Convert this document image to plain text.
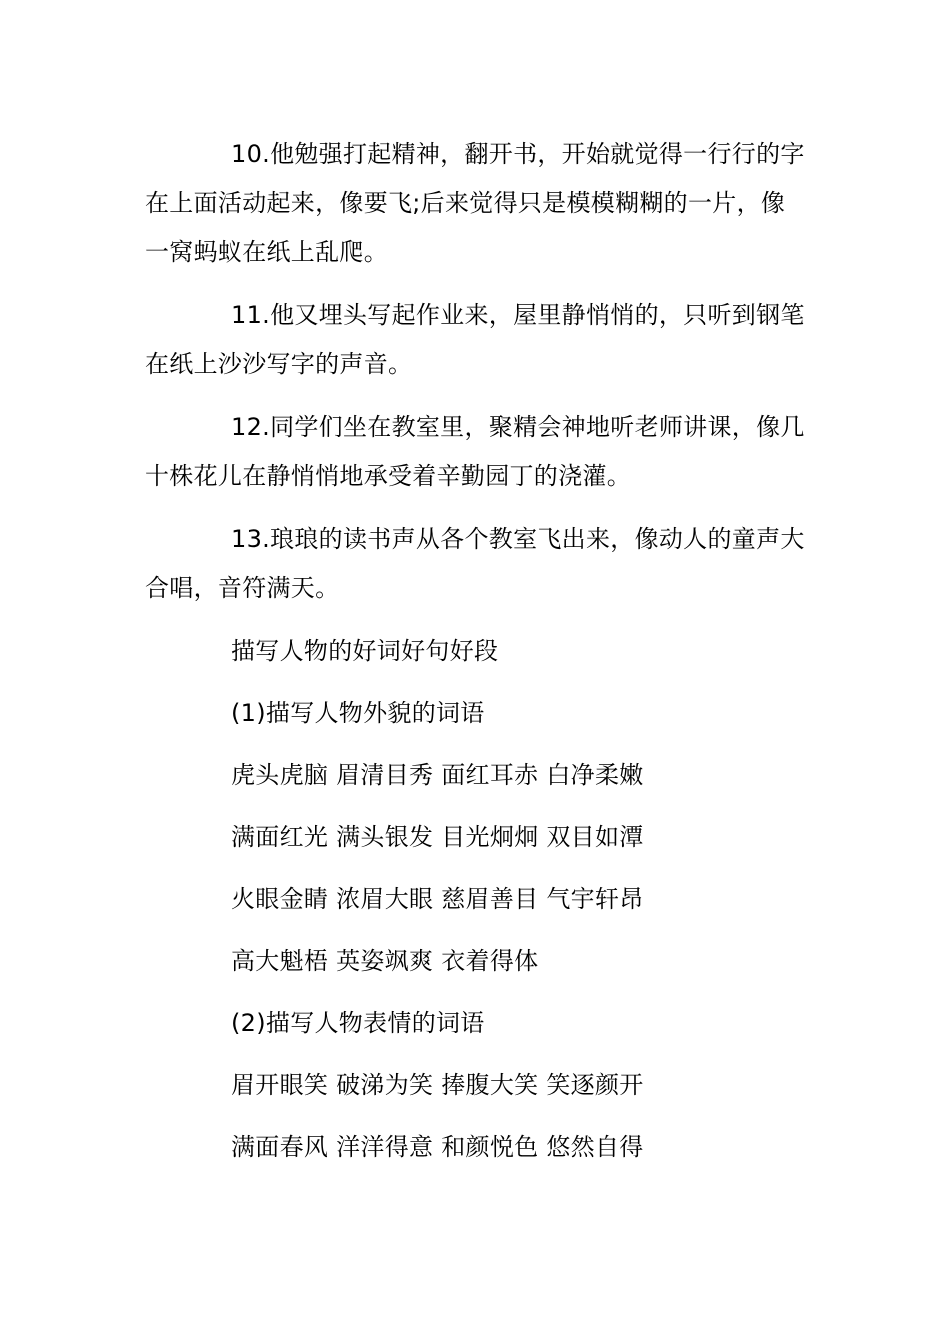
10.他勉强打起精神，翻开书，开始就觉得一行行的字在上面活动起来，像要飞;后来觉得只是模模糊糊的一片，像一窝蚂蚁在纸上乱爬。

11.他又埋头写起作业来，屋里静悄悄的，只听到钢笔在纸上沙沙写字的声音。

12.同学们坐在教室里，聚精会神地听老师讲课，像几十株花儿在静悄悄地承受着辛勤园丁的浇灌。

13.琅琅的读书声从各个教室飞出来，像动人的童声大合唱，音符满天。

描写人物的好词好句好段
(1)描写人物外貌的词语
虎头虎脑 眉清目秀 面红耳赤 白净柔嫩
满面红光 满头银发 目光炯炯 双目如潭
火眼金睛 浓眉大眼 慈眉善目 气宇轩昂
高大魁梧 英姿飒爽 衣着得体
(2)描写人物表情的词语
眉开眼笑 破涕为笑 捧腹大笑 笑逐颜开
满面春风 洋洋得意 和颜悦色 悠然自得
